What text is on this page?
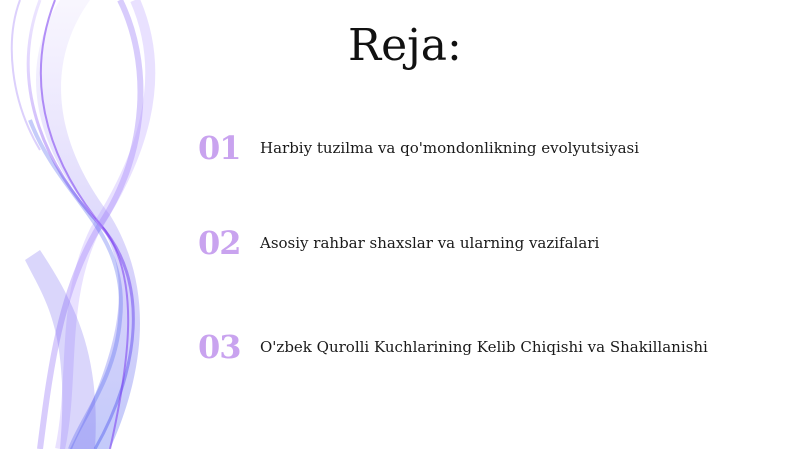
Reja:
01 Harbiy tuzilma va qo'mondonlikning evolyutsiyasi
02 Asosiy rahbar shaxslar va ularning vazifalari
03 O'zbek Qurolli Kuchlarining Kelib Chiqishi va Shakillanishi
